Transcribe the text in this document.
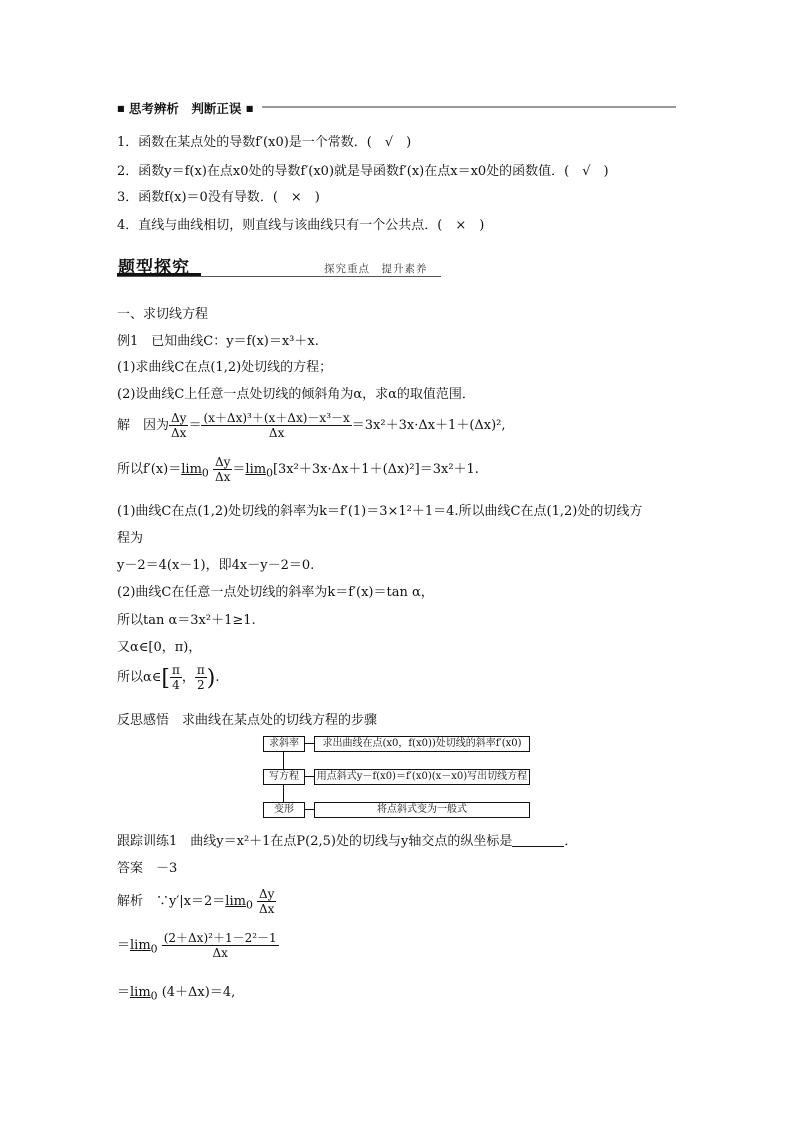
■ 思考辨析　判断正误 ■
1．函数在某点处的导数f′(x0)是一个常数．(　√　)
2．函数y＝f(x)在点x0处的导数f′(x0)就是导函数f′(x)在点x＝x0处的函数值．(　√　)
3．函数f(x)＝0没有导数．(　×　)
4．直线与曲线相切，则直线与该曲线只有一个公共点．(　×　)
题型探究	探究重点　提升素养
一、求切线方程
例1　已知曲线C：y＝f(x)＝x³＋x.
(1)求曲线C在点(1,2)处切线的方程；
(2)设曲线C上任意一点处切线的倾斜角为α，求α的取值范围．
解　因为 $\frac{\Delta y}{\Delta x} = \frac{\text{(x＋Δx)³＋(x＋Δx)－x³－x}}{\Delta x} =3x^2+3x\cdot\Delta x+1+(\Delta x)^2$,
所以$f'(x)=\lim_0 \frac{\Delta y}{\Delta x} =\lim_0[3x^2+3x\cdot\Delta x+1+(\Delta x)^2]=3x^2+1$.
(1)曲线C在点(1,2)处切线的斜率为k＝f′(1)＝3×1²＋1＝4.所以曲线C在点(1,2)处的切线方
程为
y－2＝4(x－1)，即4x－y－2＝0.
(2)曲线C在任意一点处切线的斜率为k＝f′(x)＝tan α，
所以tan α＝3x²＋1≥1.
又α∈[0，π)，
所以α∈[ $\frac{\pi}{4}$ ， $\frac{\pi}{2}$ ).
反思感悟　求曲线在某点处的切线方程的步骤
求斜率	求出曲线在点(x0，f(x0))处切线的斜率f′(x0)
写方程	用点斜式y－f(x0)＝f′(x0)(x－x0)写出切线方程
变形	将点斜式变为一般式
跟踪训练1　曲线y＝x²＋1在点P(2,5)处的切线与y轴交点的纵坐标是	．
答案　－3
解析　$\because y'|x=2=\lim_0 \frac{\Delta y}{\Delta x}$
$=\lim_0 \frac{\text{(2＋Δx)²＋1－2²－1}}{\Delta x}$
$=\lim_0$ (4＋Δx)＝4,
